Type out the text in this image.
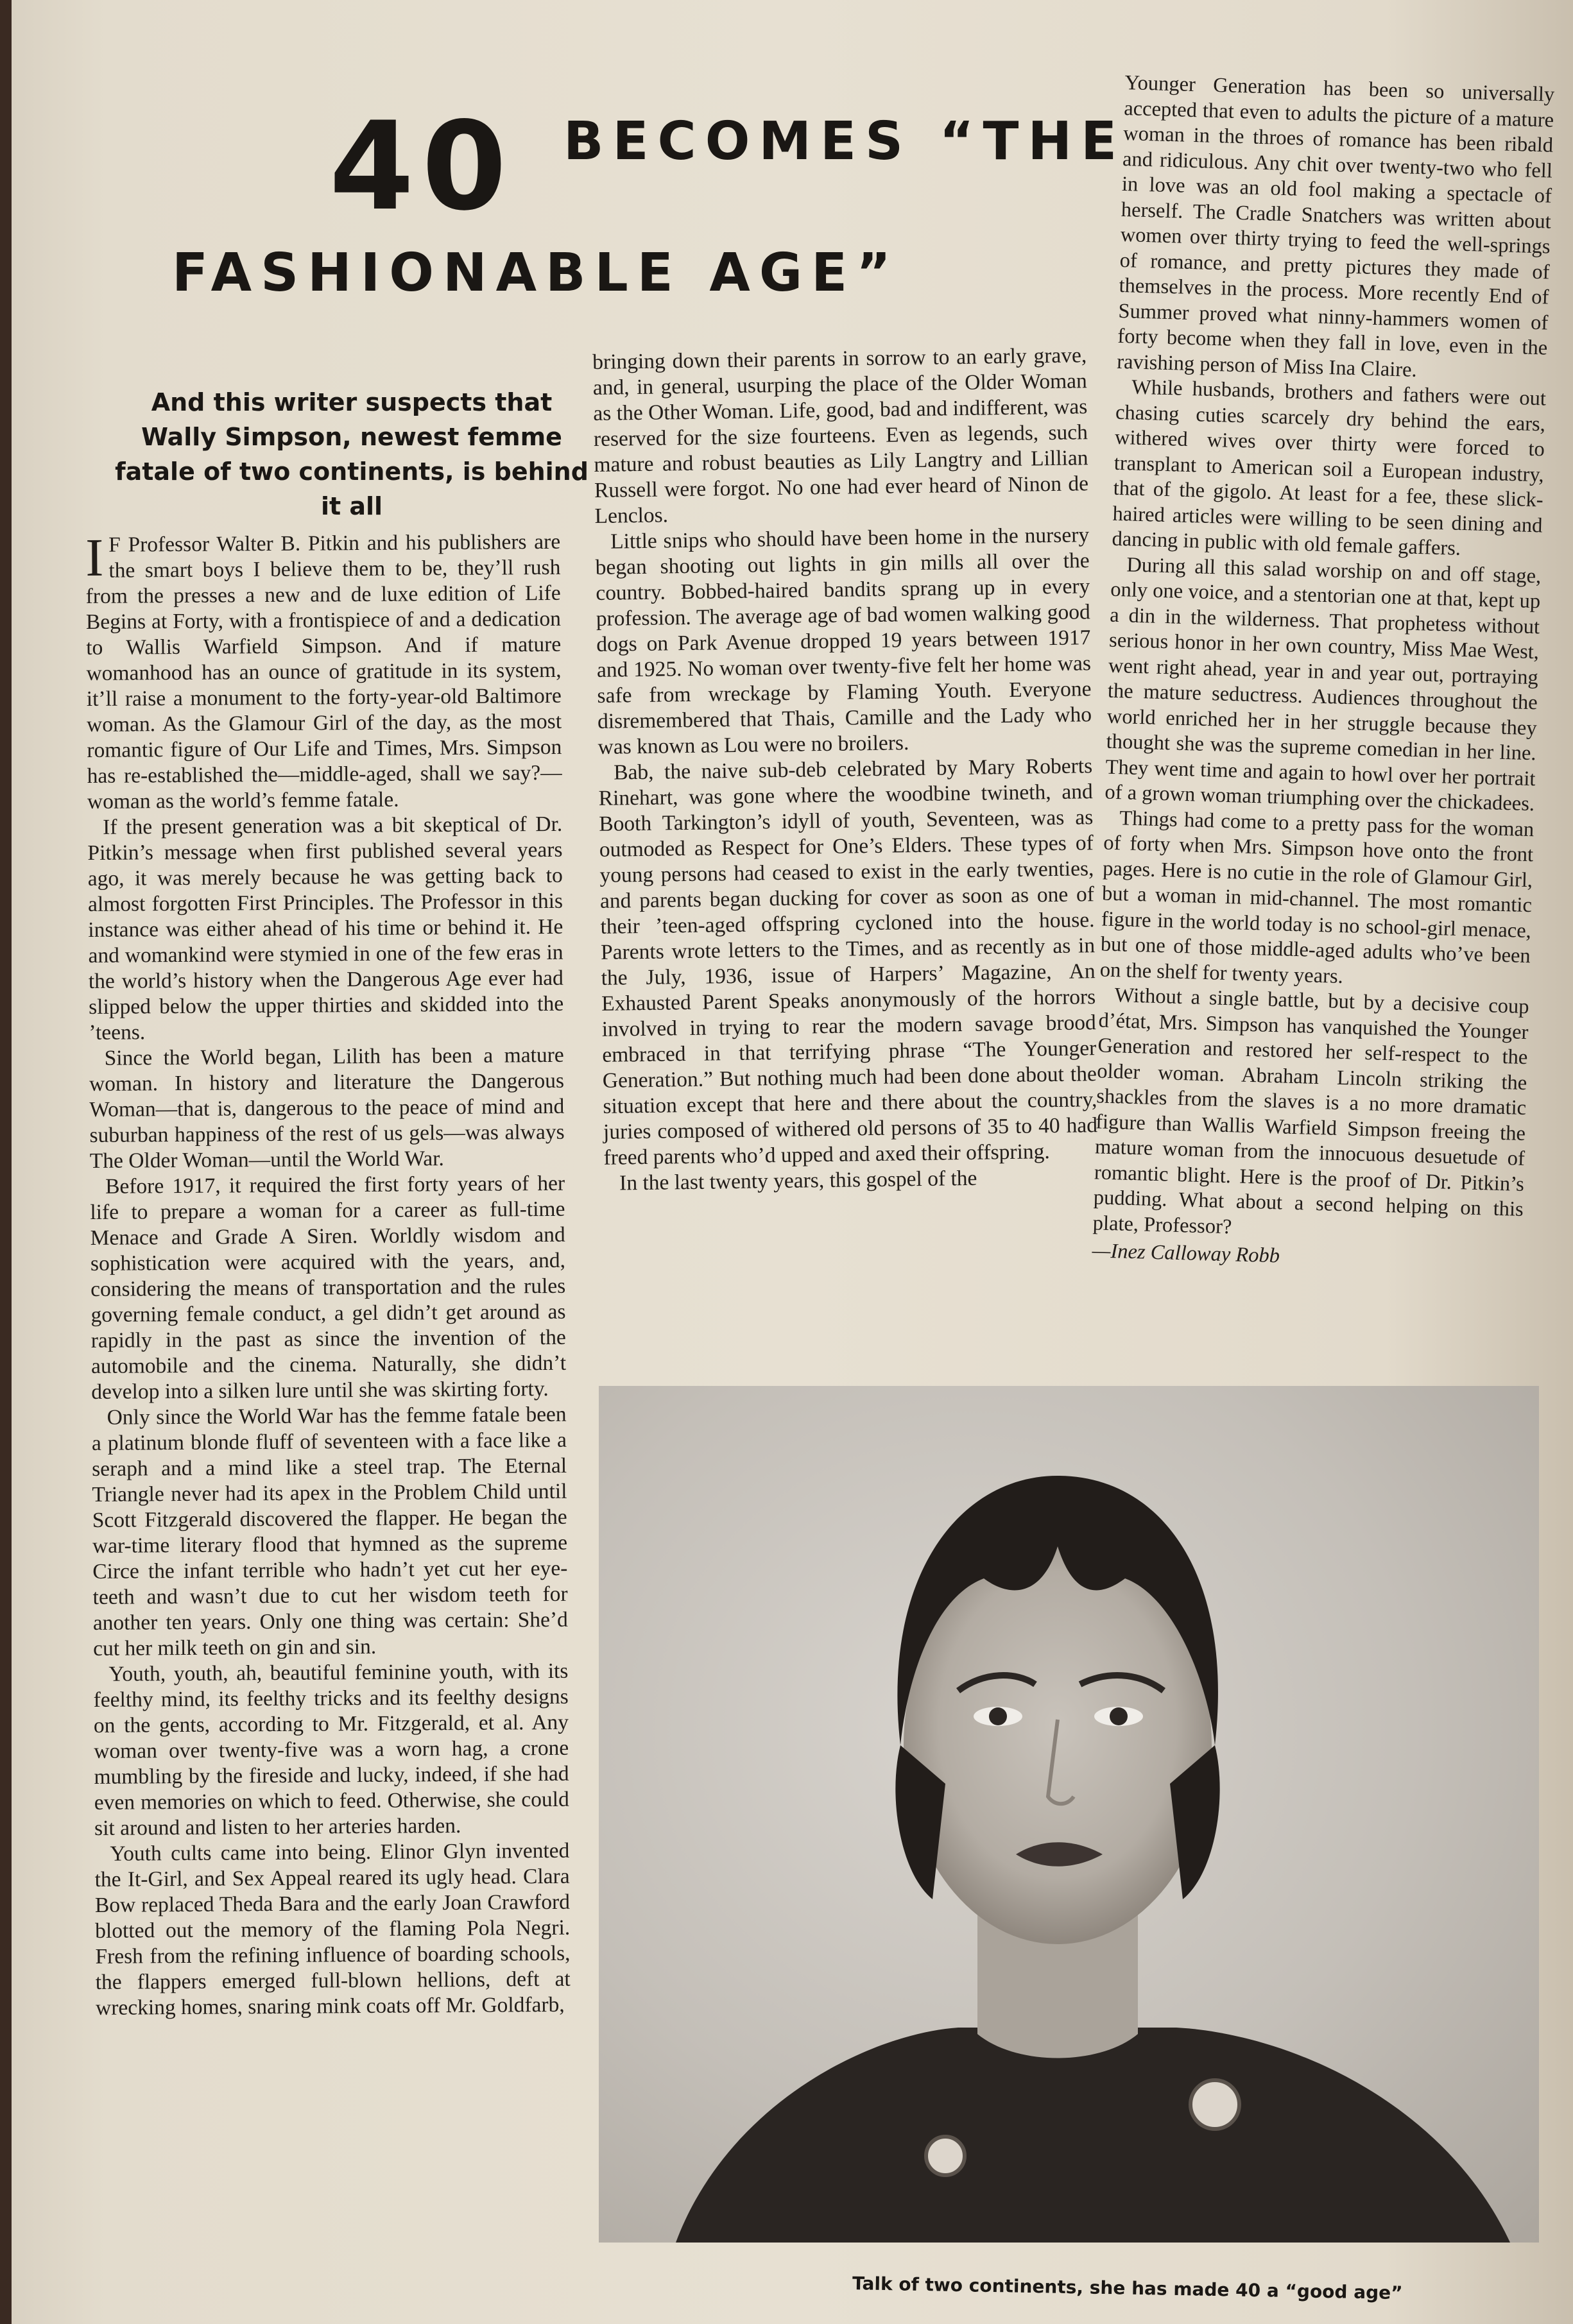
40 BECOMES “THE
FASHIONABLE AGE”
And this writer suspects that Wally Simpson, newest femme fatale of two continents, is behind it all

I F Professor Walter B. Pitkin and his publishers are the smart boys I believe them to be, they’ll rush from the presses a new and de luxe edition of Life Begins at Forty, with a frontispiece of and a dedication to Wallis Warfield Simpson. And if mature womanhood has an ounce of gratitude in its system, it’ll raise a monument to the forty-year-old Baltimore woman. As the Glamour Girl of the day, as the most romantic figure of Our Life and Times, Mrs. Simpson has re-established the—middle-aged, shall we say?—woman as the world’s femme fatale.

If the present generation was a bit skeptical of Dr. Pitkin’s message when first published several years ago, it was merely because he was getting back to almost forgotten First Principles. The Professor in this instance was either ahead of his time or behind it. He and womankind were stymied in one of the few eras in the world’s history when the Dangerous Age ever had slipped below the upper thirties and skidded into the ’teens.

Since the World began, Lilith has been a mature woman. In history and literature the Dangerous Woman—that is, dangerous to the peace of mind and suburban happiness of the rest of us gels—was always The Older Woman—until the World War.

Before 1917, it required the first forty years of her life to prepare a woman for a career as full-time Menace and Grade A Siren. Worldly wisdom and sophistication were acquired with the years, and, considering the means of transportation and the rules governing female conduct, a gel didn’t get around as rapidly in the past as since the invention of the automobile and the cinema. Naturally, she didn’t develop into a silken lure until she was skirting forty.

Only since the World War has the femme fatale been a platinum blonde fluff of seventeen with a face like a seraph and a mind like a steel trap. The Eternal Triangle never had its apex in the Problem Child until Scott Fitzgerald discovered the flapper. He began the war-time literary flood that hymned as the supreme Circe the infant terrible who hadn’t yet cut her eye-teeth and wasn’t due to cut her wisdom teeth for another ten years. Only one thing was certain: She’d cut her milk teeth on gin and sin.

Youth, youth, ah, beautiful feminine youth, with its feelthy mind, its feelthy tricks and its feelthy designs on the gents, according to Mr. Fitzgerald, et al. Any woman over twenty-five was a worn hag, a crone mumbling by the fireside and lucky, indeed, if she had even memories on which to feed. Otherwise, she could sit around and listen to her arteries harden.

Youth cults came into being. Elinor Glyn invented the It-Girl, and Sex Appeal reared its ugly head. Clara Bow replaced Theda Bara and the early Joan Crawford blotted out the memory of the flaming Pola Negri. Fresh from the refining influence of boarding schools, the flappers emerged full-blown hellions, deft at wrecking homes, snaring mink coats off Mr. Goldfarb,

bringing down their parents in sorrow to an early grave, and, in general, usurping the place of the Older Woman as the Other Woman. Life, good, bad and indifferent, was reserved for the size fourteens. Even as legends, such mature and robust beauties as Lily Langtry and Lillian Russell were forgot. No one had ever heard of Ninon de Lenclos.

Little snips who should have been home in the nursery began shooting out lights in gin mills all over the country. Bobbed-haired bandits sprang up in every profession. The average age of bad women walking good dogs on Park Avenue dropped 19 years between 1917 and 1925. No woman over twenty-five felt her home was safe from wreckage by Flaming Youth. Everyone disremembered that Thais, Camille and the Lady who was known as Lou were no broilers.

Bab, the naive sub-deb celebrated by Mary Roberts Rinehart, was gone where the woodbine twineth, and Booth Tarkington’s idyll of youth, Seventeen, was as outmoded as Respect for One’s Elders. These types of young persons had ceased to exist in the early twenties, and parents began ducking for cover as soon as one of their ’teen-aged offspring cycloned into the house. Parents wrote letters to the Times, and as recently as in the July, 1936, issue of Harpers’ Magazine, An Exhausted Parent Speaks anonymously of the horrors involved in trying to rear the modern savage brood embraced in that terrifying phrase “The Younger Generation.” But nothing much had been done about the situation except that here and there about the country, juries composed of withered old persons of 35 to 40 had freed parents who’d upped and axed their offspring.

In the last twenty years, this gospel of the

Younger Generation has been so universally accepted that even to adults the picture of a mature woman in the throes of romance has been ribald and ridiculous. Any chit over twenty-two who fell in love was an old fool making a spectacle of herself. The Cradle Snatchers was written about women over thirty trying to feed the well-springs of romance, and pretty pictures they made of themselves in the process. More recently End of Summer proved what ninny-hammers women of forty become when they fall in love, even in the ravishing person of Miss Ina Claire.

While husbands, brothers and fathers were out chasing cuties scarcely dry behind the ears, withered wives over thirty were forced to transplant to American soil a European industry, that of the gigolo. At least for a fee, these slick-haired articles were willing to be seen dining and dancing in public with old female gaffers.

During all this salad worship on and off stage, only one voice, and a stentorian one at that, kept up a din in the wilderness. That prophetess without serious honor in her own country, Miss Mae West, went right ahead, year in and year out, portraying the mature seductress. Audiences throughout the world enriched her in her struggle because they thought she was the supreme comedian in her line. They went time and again to howl over her portrait of a grown woman triumphing over the chickadees.

Things had come to a pretty pass for the woman of forty when Mrs. Simpson hove onto the front pages. Here is no cutie in the role of Glamour Girl, but a woman in mid-channel. The most romantic figure in the world today is no school-girl menace, but one of those middle-aged adults who’ve been on the shelf for twenty years.

Without a single battle, but by a decisive coup d’état, Mrs. Simpson has vanquished the Younger Generation and restored her self-respect to the older woman. Abraham Lincoln striking the shackles from the slaves is a no more dramatic figure than Wallis Warfield Simpson freeing the mature woman from the innocuous desuetude of romantic blight. Here is the proof of Dr. Pitkin’s pudding. What about a second helping on this plate, Professor?

—Inez Calloway Robb
Talk of two continents, she has made 40 a “good age”
